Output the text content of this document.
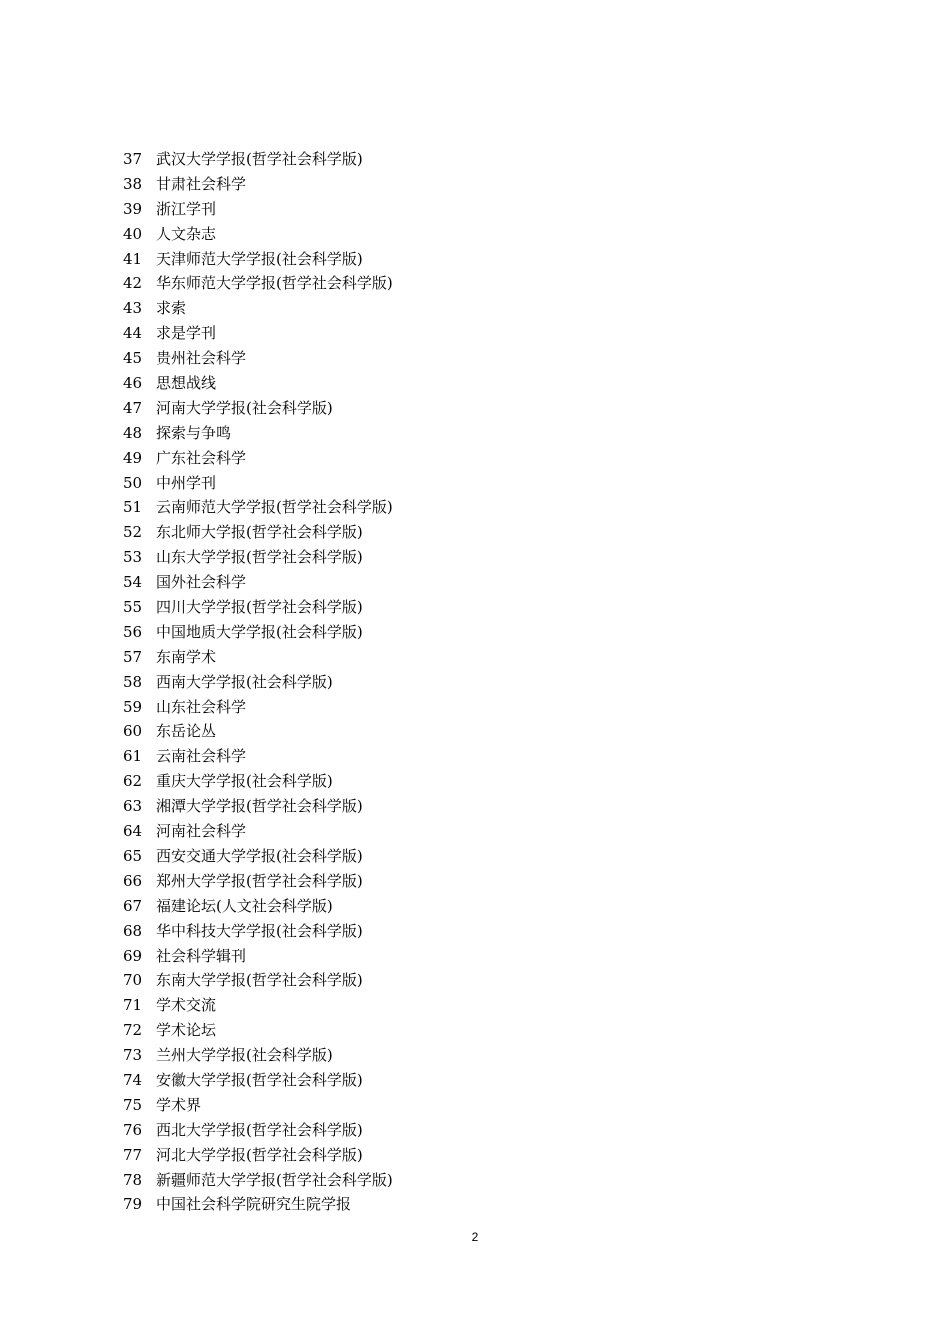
37 武汉大学学报(哲学社会科学版)
38 甘肃社会科学
39 浙江学刊
40 人文杂志
41 天津师范大学学报(社会科学版)
42 华东师范大学学报(哲学社会科学版)
43 求索
44 求是学刊
45 贵州社会科学
46 思想战线
47 河南大学学报(社会科学版)
48 探索与争鸣
49 广东社会科学
50 中州学刊
51 云南师范大学学报(哲学社会科学版)
52 东北师大学报(哲学社会科学版)
53 山东大学学报(哲学社会科学版)
54 国外社会科学
55 四川大学学报(哲学社会科学版)
56 中国地质大学学报(社会科学版)
57 东南学术
58 西南大学学报(社会科学版)
59 山东社会科学
60 东岳论丛
61 云南社会科学
62 重庆大学学报(社会科学版)
63 湘潭大学学报(哲学社会科学版)
64 河南社会科学
65 西安交通大学学报(社会科学版)
66 郑州大学学报(哲学社会科学版)
67 福建论坛(人文社会科学版)
68 华中科技大学学报(社会科学版)
69 社会科学辑刊
70 东南大学学报(哲学社会科学版)
71 学术交流
72 学术论坛
73 兰州大学学报(社会科学版)
74 安徽大学学报(哲学社会科学版)
75 学术界
76 西北大学学报(哲学社会科学版)
77 河北大学学报(哲学社会科学版)
78 新疆师范大学学报(哲学社会科学版)
79 中国社会科学院研究生院学报
2
